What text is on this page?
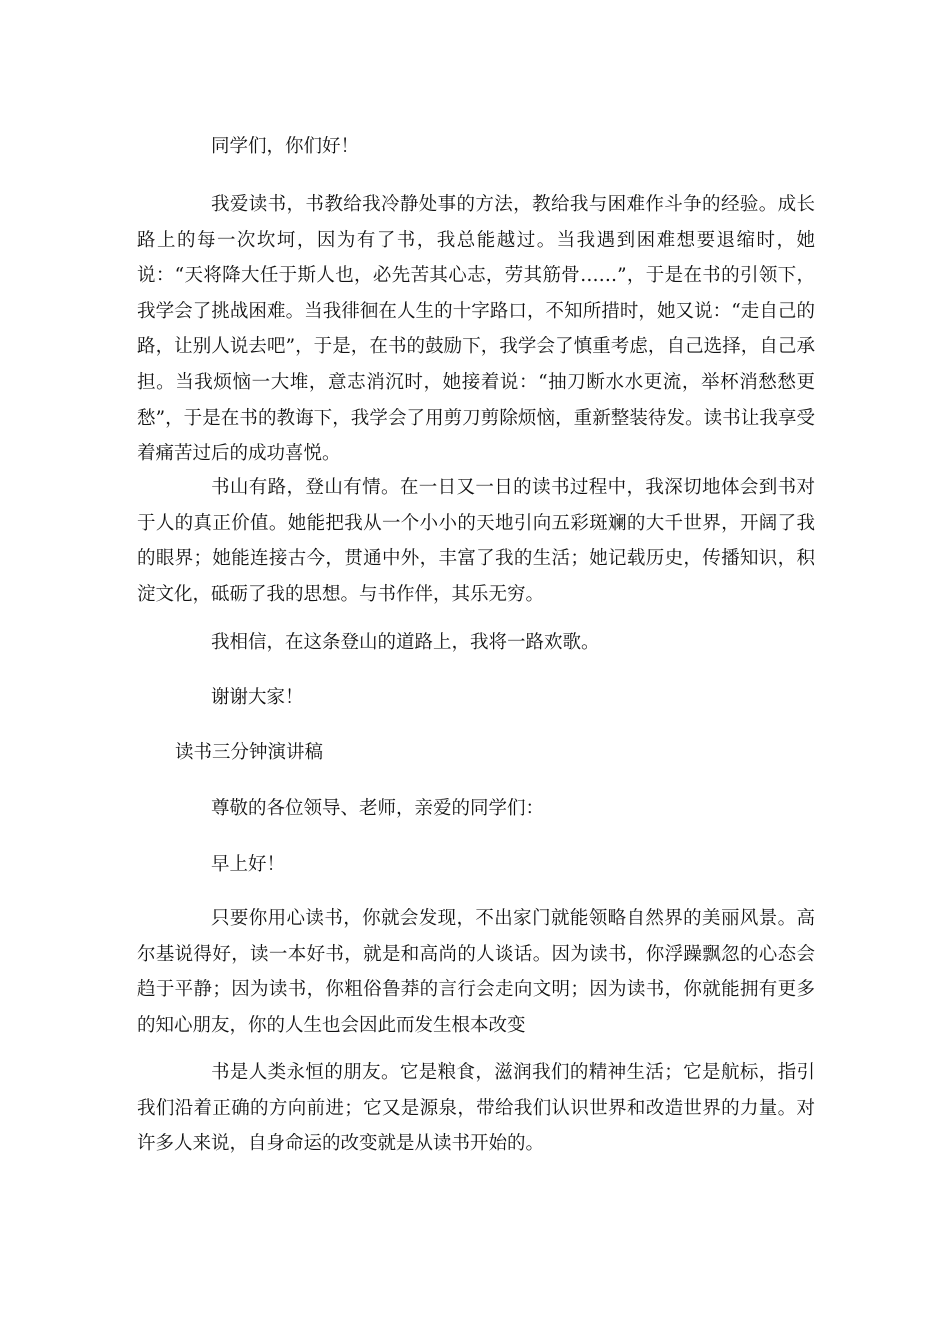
同学们，你们好！

我爱读书，书教给我冷静处事的方法，教给我与困难作斗争的经验。成长路上的每一次坎坷，因为有了书，我总能越过。当我遇到困难想要退缩时，她说：“天将降大任于斯人也，必先苦其心志，劳其筋骨……”，于是在书的引领下，我学会了挑战困难。当我徘徊在人生的十字路口，不知所措时，她又说：“走自己的路，让别人说去吧”，于是，在书的鼓励下，我学会了慎重考虑，自己选择，自己承担。当我烦恼一大堆，意志消沉时，她接着说：“抽刀断水水更流，举杯消愁愁更愁”，于是在书的教诲下，我学会了用剪刀剪除烦恼，重新整装待发。读书让我享受着痛苦过后的成功喜悦。

书山有路，登山有情。在一日又一日的读书过程中，我深切地体会到书对于人的真正价值。她能把我从一个小小的天地引向五彩斑斓的大千世界，开阔了我的眼界；她能连接古今，贯通中外，丰富了我的生活；她记载历史，传播知识，积淀文化，砥砺了我的思想。与书作伴，其乐无穷。

我相信，在这条登山的道路上，我将一路欢歌。

谢谢大家！

读书三分钟演讲稿

尊敬的各位领导、老师，亲爱的同学们：

早上好！

只要你用心读书，你就会发现，不出家门就能领略自然界的美丽风景。高尔基说得好，读一本好书，就是和高尚的人谈话。因为读书，你浮躁飘忽的心态会趋于平静；因为读书，你粗俗鲁莽的言行会走向文明；因为读书，你就能拥有更多的知心朋友，你的人生也会因此而发生根本改变

书是人类永恒的朋友。它是粮食，滋润我们的精神生活；它是航标，指引我们沿着正确的方向前进；它又是源泉，带给我们认识世界和改造世界的力量。对许多人来说，自身命运的改变就是从读书开始的。
